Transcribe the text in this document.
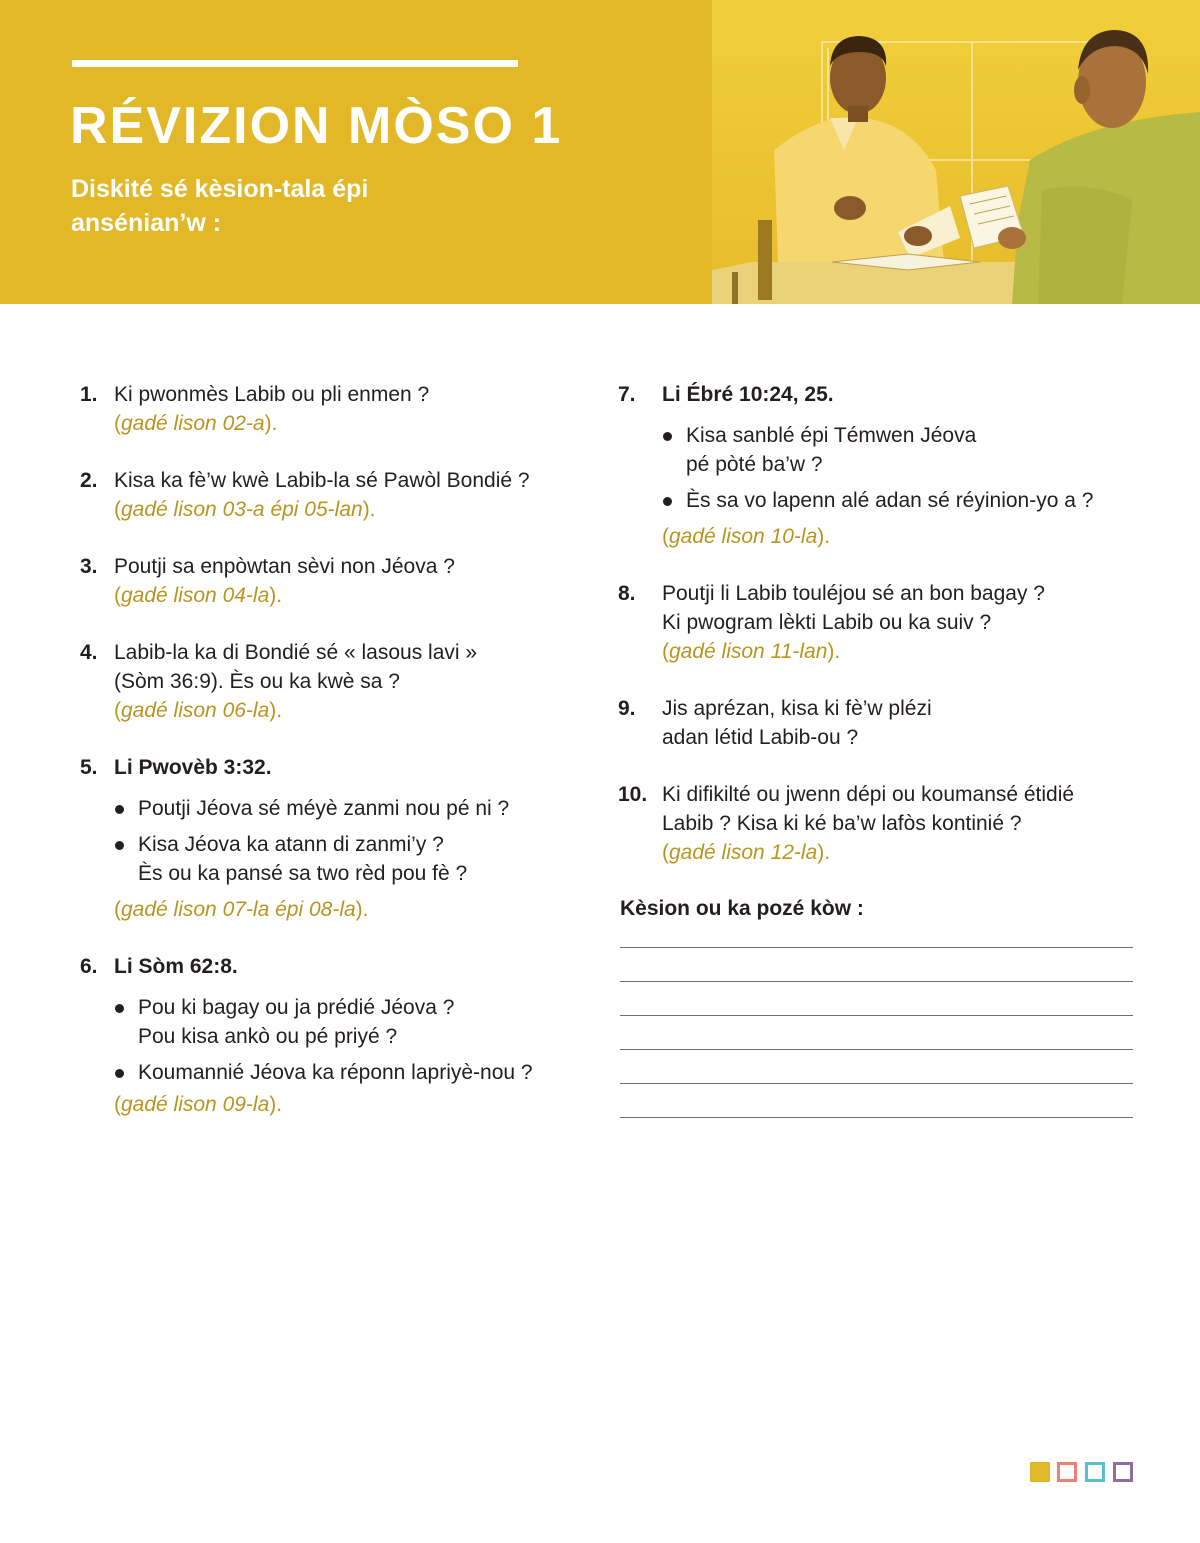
RÉVIZION MÒSO 1

Diskité sé kèsion-tala épi ansénian’w :

1. Ki pwonmès Labib ou pli enmen ?
(gadé lison 02-a).
2. Kisa ka fè’w kwè Labib-la sé Pawòl Bondié ?
(gadé lison 03-a épi 05-lan).
3. Poutji sa enpòwtan sèvi non Jéova ?
(gadé lison 04-la).
4. Labib-la ka di Bondié sé « lasous lavi »
(Sòm 36:9). Ès ou ka kwè sa ?
(gadé lison 06-la).
5. Li Pwovèb 3:32.
Poutji Jéova sé méyè zanmi nou pé ni ?
Kisa Jéova ka atann di zanmi’y ?
Ès ou ka pansé sa two rèd pou fè ?
(gadé lison 07-la épi 08-la).
6. Li Sòm 62:8.
Pou ki bagay ou ja prédié Jéova ?
Pou kisa ankò ou pé priyé ?
Koumannié Jéova ka réponn lapriyè-nou ?
(gadé lison 09-la).
7. Li Ébré 10:24, 25.
Kisa sanblé épi Témwen Jéova
pé pòté ba’w ?
Ès sa vo lapenn alé adan sé réyinion-yo a ?
(gadé lison 10-la).
8. Poutji li Labib touléjou sé an bon bagay ?
Ki pwogram lèkti Labib ou ka suiv ?
(gadé lison 11-lan).
9. Jis aprézan, kisa ki fè’w plézi
adan létid Labib-ou ?
10. Ki difikilté ou jwenn dépi ou koumansé étidié
Labib ? Kisa ki ké ba’w lafòs kontinié ?
(gadé lison 12-la).
Kèsion ou ka pozé kòw :
